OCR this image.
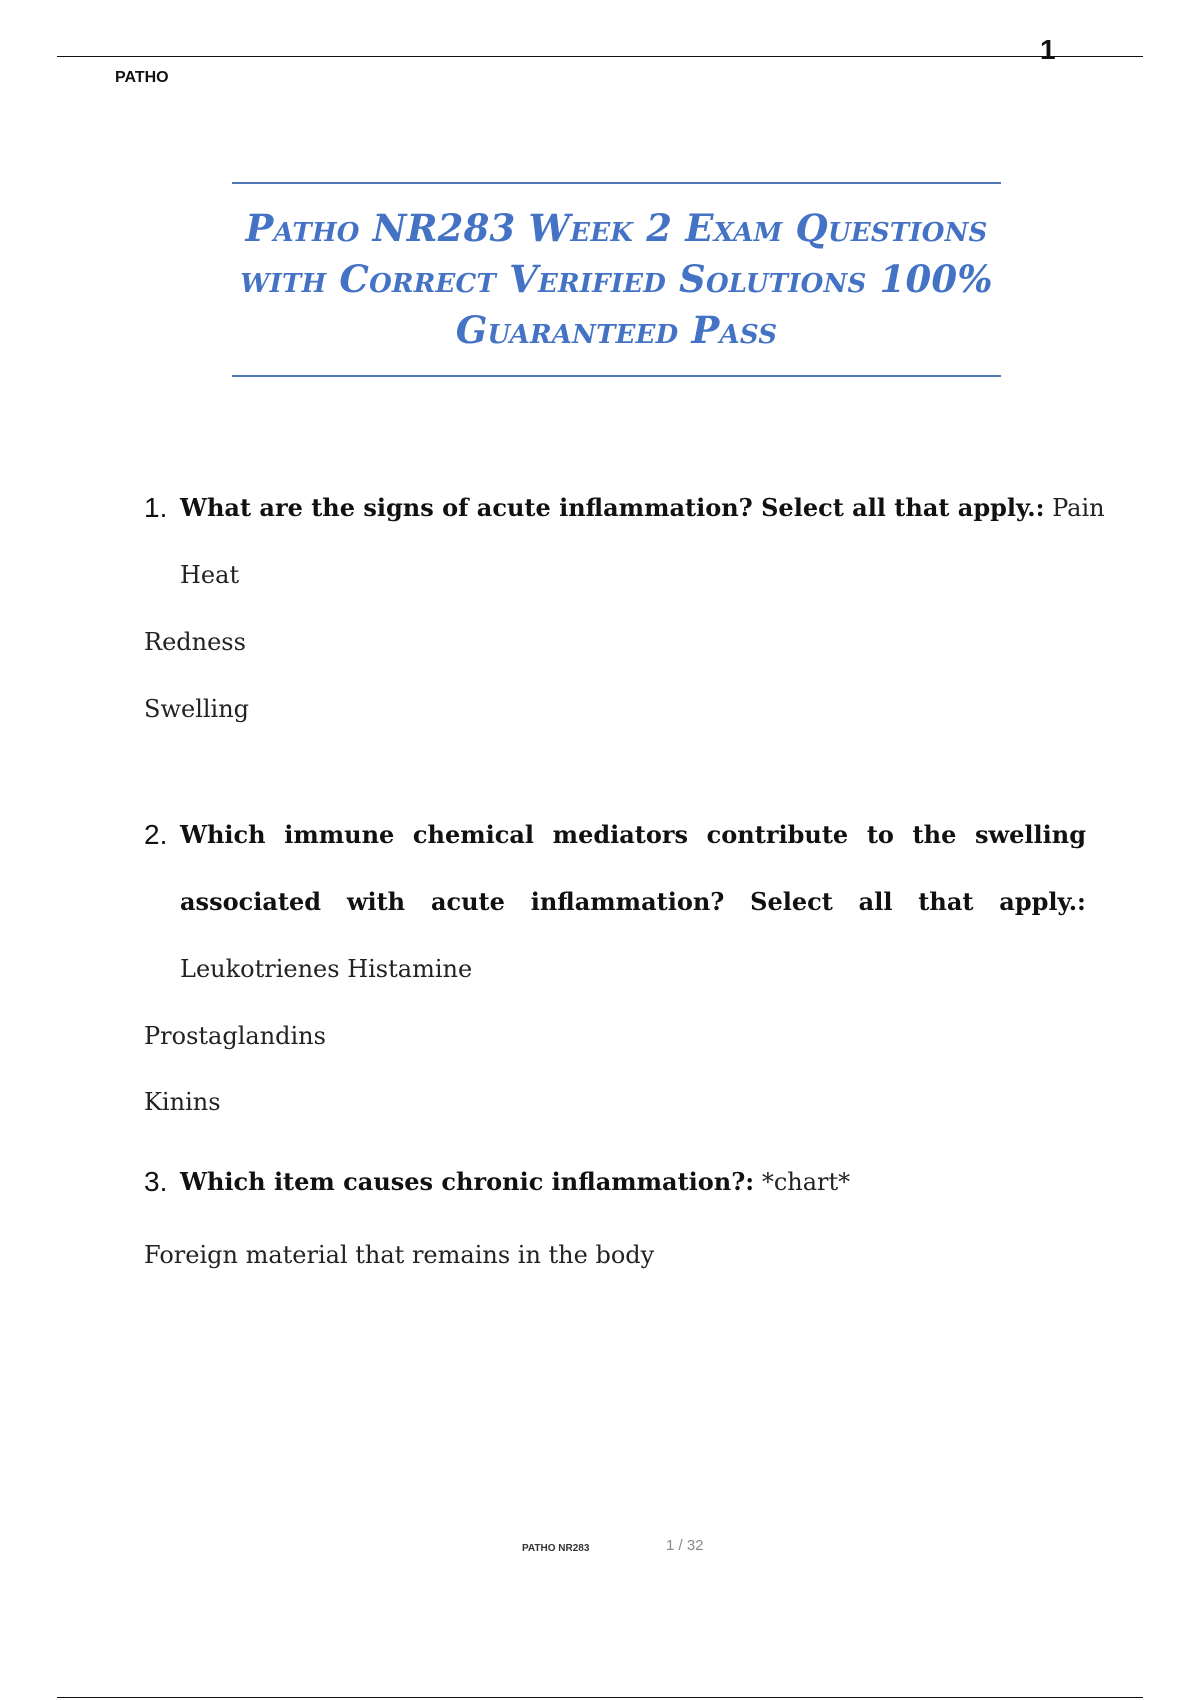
1
PATHO
Patho NR283 Week 2 Exam Questions
with Correct Verified Solutions 100%
Guaranteed Pass
1. What are the signs of acute inflammation? Select all that apply.: Pain
Heat
Redness
Swelling
2. Which immune chemical mediators contribute to the swelling
associated with acute inflammation? Select all that apply.:
Leukotrienes Histamine
Prostaglandins
Kinins
3. Which item causes chronic inflammation?: *chart*
Foreign material that remains in the body
PATHO NR283	1 / 32
